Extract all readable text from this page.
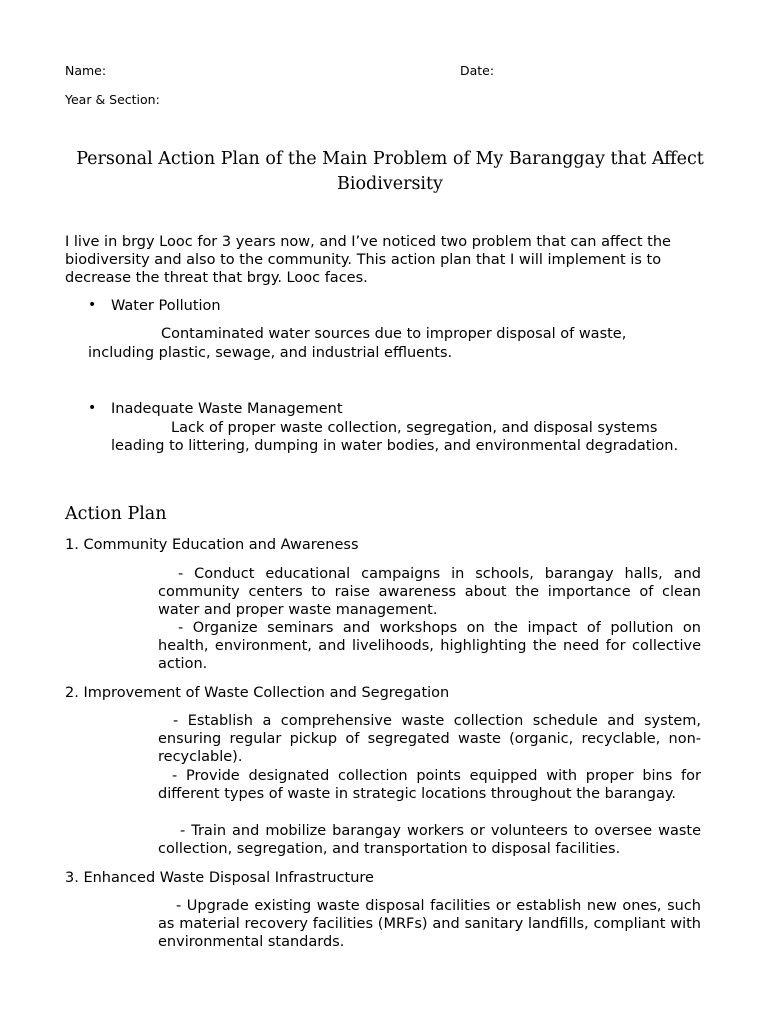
Name:	Date:
Year & Section:
Personal Action Plan of the Main Problem of My Baranggay that Affect Biodiversity
I live in brgy Looc for 3 years now, and I’ve noticed two problem that can affect the biodiversity and also to the community. This action plan that I will implement is to decrease the threat that brgy. Looc faces.
• Water Pollution
Contaminated water sources due to improper disposal of waste,
including plastic, sewage, and industrial effluents.
• Inadequate Waste Management
Lack of proper waste collection, segregation, and disposal systems leading to littering, dumping in water bodies, and environmental degradation.
Action Plan
1. Community Education and Awareness
- Conduct educational campaigns in schools, barangay halls, and community centers to raise awareness about the importance of clean water and proper waste management.
- Organize seminars and workshops on the impact of pollution on health, environment, and livelihoods, highlighting the need for collective action.
2. Improvement of Waste Collection and Segregation
- Establish a comprehensive waste collection schedule and system, ensuring regular pickup of segregated waste (organic, recyclable, non-recyclable).
- Provide designated collection points equipped with proper bins for different types of waste in strategic locations throughout the barangay.
- Train and mobilize barangay workers or volunteers to oversee waste collection, segregation, and transportation to disposal facilities.
3. Enhanced Waste Disposal Infrastructure
- Upgrade existing waste disposal facilities or establish new ones, such as material recovery facilities (MRFs) and sanitary landfills, compliant with environmental standards.
